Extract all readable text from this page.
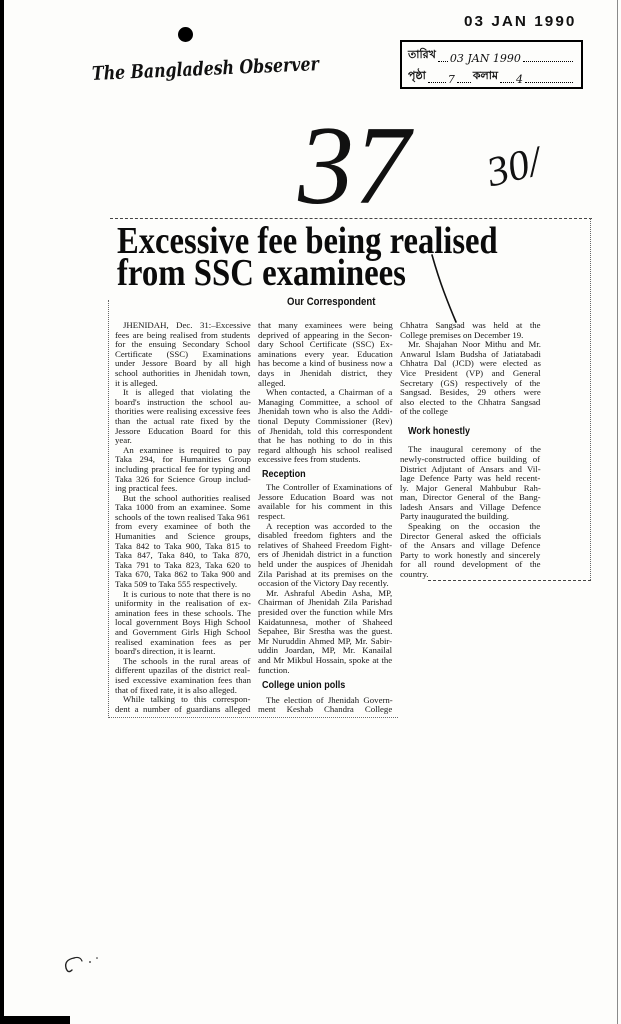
03 JAN 1990
তারিখ 03 JAN 1990
পৃষ্ঠা 7 কলাম 4
The Bangladesh Observer
37 30/
Excessive fee being realised
from SSC examinees
Our Correspondent
JHENIDAH, Dec. 31:–Excessive
fees are being realised from students
for the ensuing Secondary School
Certificate (SSC) Examinations
under Jessore Board by all high
school authorities in Jhenidah town,
it is alleged.
It is alleged that violating the
board's instruction the school au-
thorities were realising excessive fees
than the actual rate fixed by the
Jessore Education Board for this
year.
An examinee is required to pay
Taka 294, for Humanities Group
including practical fee for typing and
Taka 326 for Science Group includ-
ing practical fees.
But the school authorities realised
Taka 1000 from an examinee. Some
schools of the town realised Taka 961
from every examinee of both the
Humanities and Science groups,
Taka 842 to Taka 900, Taka 815 to
Taka 847, Taka 840, to Taka 870,
Taka 791 to Taka 823, Taka 620 to
Taka 670, Taka 862 to Taka 900 and
Taka 509 to Taka 555 respectively.
It is curious to note that there is no
uniformity in the realisation of ex-
amination fees in these schools. The
local government Boys High School
and Government Girls High School
realised examination fees as per
board's direction, it is learnt.
The schools in the rural areas of
different upazilas of the district real-
ised excessive examination fees than
that of fixed rate, it is also alleged.
While talking to this correspon-
dent a number of guardians alleged
that many examinees were being
deprived of appearing in the Secon-
dary School Certificate (SSC) Ex-
aminations every year. Education
has become a kind of business now a
days in Jhenidah district, they
alleged.
When contacted, a Chairman of a
Managing Committee, a school of
Jhenidah town who is also the Addi-
tional Deputy Commissioner (Rev)
of Jhenidah, told this correspondent
that he has nothing to do in this
regard although his school realised
excessive fees from students.
Reception
The Controller of Examinations of
Jessore Education Board was not
available for his comment in this
respect.
A reception was accorded to the
disabled freedom fighters and the
relatives of Shaheed Freedom Fight-
ers of Jhenidah district in a function
held under the auspices of Jhenidah
Zila Parishad at its premises on the
occasion of the Victory Day recently.
Mr. Ashraful Abedin Asha, MP,
Chairman of Jhenidah Zila Parishad
presided over the function while Mrs
Kaidatunnesa, mother of Shaheed
Sepahee, Bir Srestha was the guest.
Mr Nuruddin Ahmed MP, Mr. Sabir-
uddin Joardan, MP, Mr. Kanailal
and Mr Mikbul Hossain, spoke at the
function.
College union polls
The election of Jhenidah Govern-
ment Keshab Chandra College
Chhatra Sangsad was held at the
College premises on December 19.
Mr. Shajahan Noor Mithu and Mr.
Anwarul Islam Budsha of Jatiatabadi
Chhatra Dal (JCD) were elected as
Vice President (VP) and General
Secretary (GS) respectively of the
Sangsad. Besides, 29 others were
also elected to the Chhatra Sangsad
of the college
Work honestly
The inaugural ceremony of the
newly-constructed office building of
District Adjutant of Ansars and Vil-
lage Defence Party was held recent-
ly. Major General Mahbubur Rah-
man, Director General of the Bang-
ladesh Ansars and Village Defence
Party inaugurated the building.
Speaking on the occasion the
Director General asked the officials
of the Ansars and village Defence
Party to work honestly and sincerely
for all round development of the
country.
